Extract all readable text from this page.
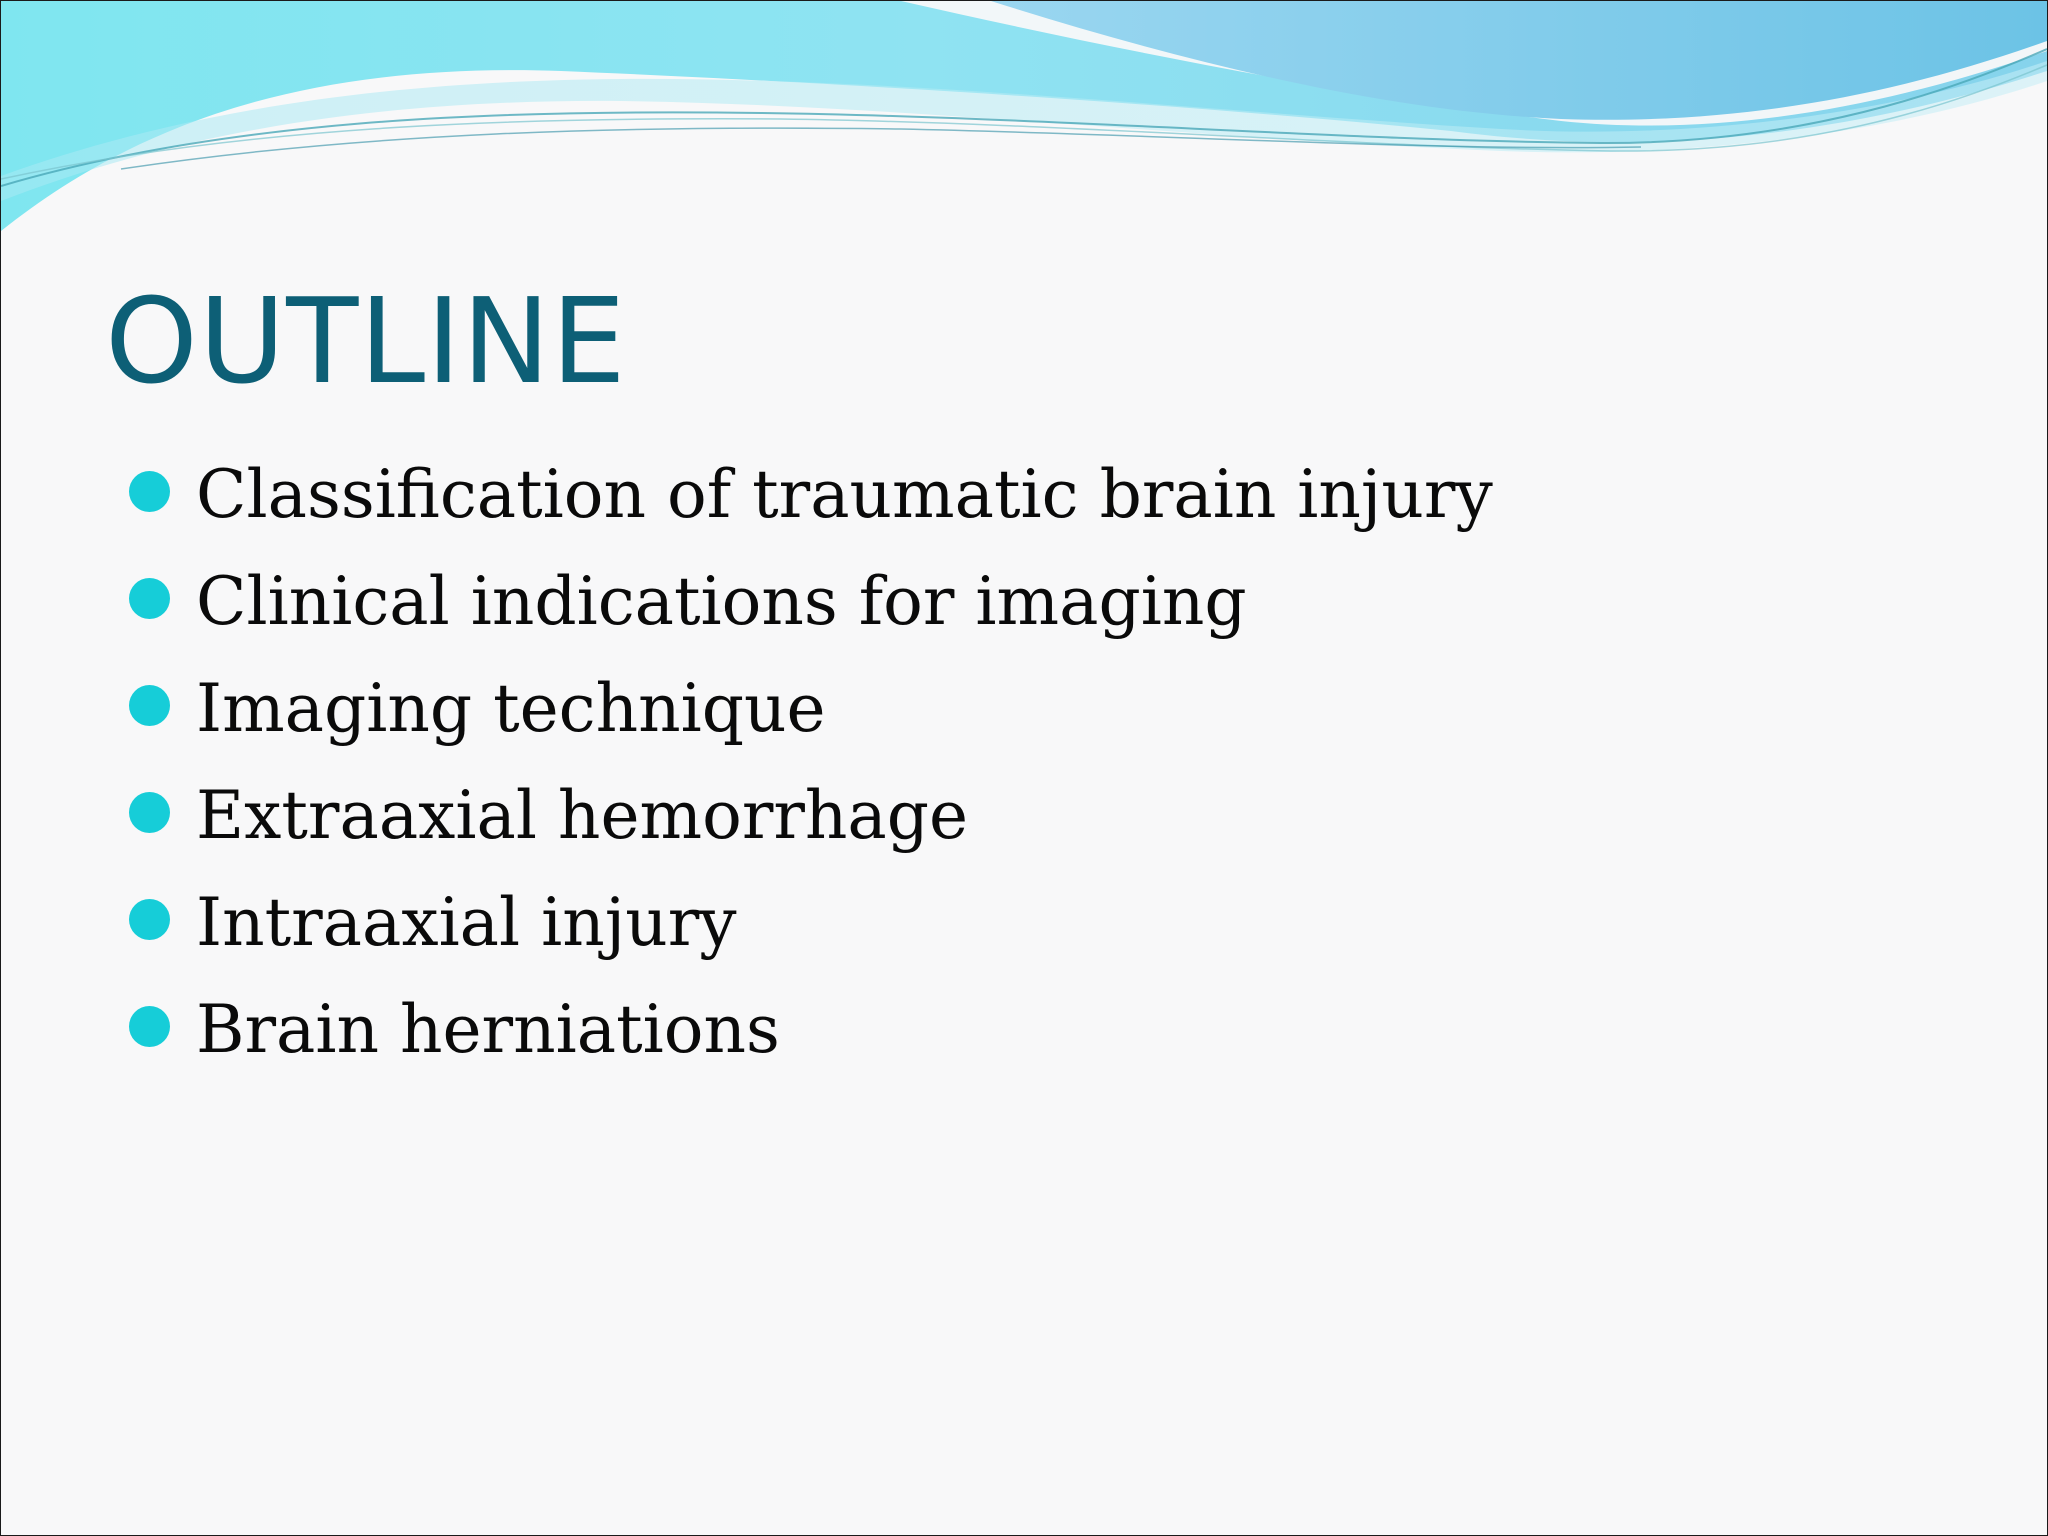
OUTLINE
Classification of traumatic brain injury
Clinical indications for imaging
Imaging technique
Extraaxial hemorrhage
Intraaxial injury
Brain herniations
